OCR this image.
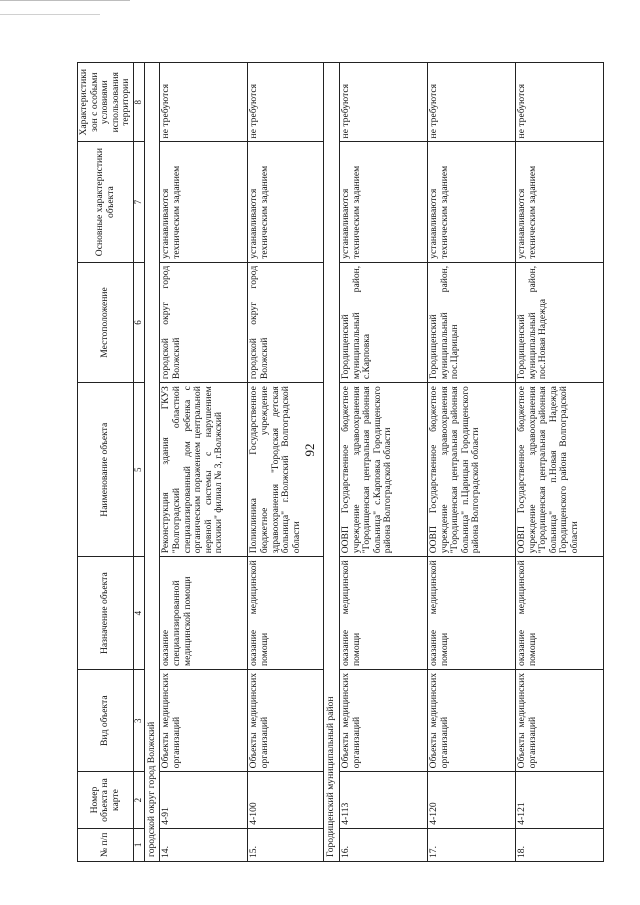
92
№ п/п	Номер объекта на карте	Вид объекта	Назначение объекта	Наименование объекта	Местоположение	Основные характеристики объекта	Характеристики зон с особыми условиями использования территории
1	2	3	4	5	6	7	8
городской округ город Волжский							
14.	4-91	Объекты медицинских организаций	оказание специализированной медицинской помощи	Реконструкция здания ГКУЗ "Волгоградский областной специализированный дом ребенка с органическим поражением центральной нервной системы с нарушением психики" филиал № 3, г.Волжский	городской округ город Волжский	устанавливаются техническим заданием	не требуются
15.	4-100	Объекты медицинских организаций	оказание медицинской помощи	Поликлиника Государственное бюджетное учреждение здравоохранения "Городская детская больница" г.Волжский Волгоградской области	городской округ город Волжский	устанавливаются техническим заданием	не требуются
Городищенский муниципальный район							
16.	4-113	Объекты медицинских организаций	оказание медицинской помощи	ООВП Государственное бюджетное учреждение здравоохранения "Городищенская центральная районная больница" с.Карповка Городищенского района Волгоградской области	Городищенский муниципальный район, с.Карповка	устанавливаются техническим заданием	не требуются
17.	4-120	Объекты медицинских организаций	оказание медицинской помощи	ООВП Государственное бюджетное учреждение здравоохранения "Городищенская центральная районная больница" п.Царицын Городищенского района Волгоградской области	Городищенский муниципальный район, пос.Царицын	устанавливаются техническим заданием	не требуются
18.	4-121	Объекты медицинских организаций	оказание медицинской помощи	ООВП Государственное бюджетное учреждение здравоохранения "Городищенская центральная районная больница" п.Новая Надежда Городищенского района Волгоградской области	Городищенский муниципальный район, пос.Новая Надежда	устанавливаются техническим заданием	не требуются
